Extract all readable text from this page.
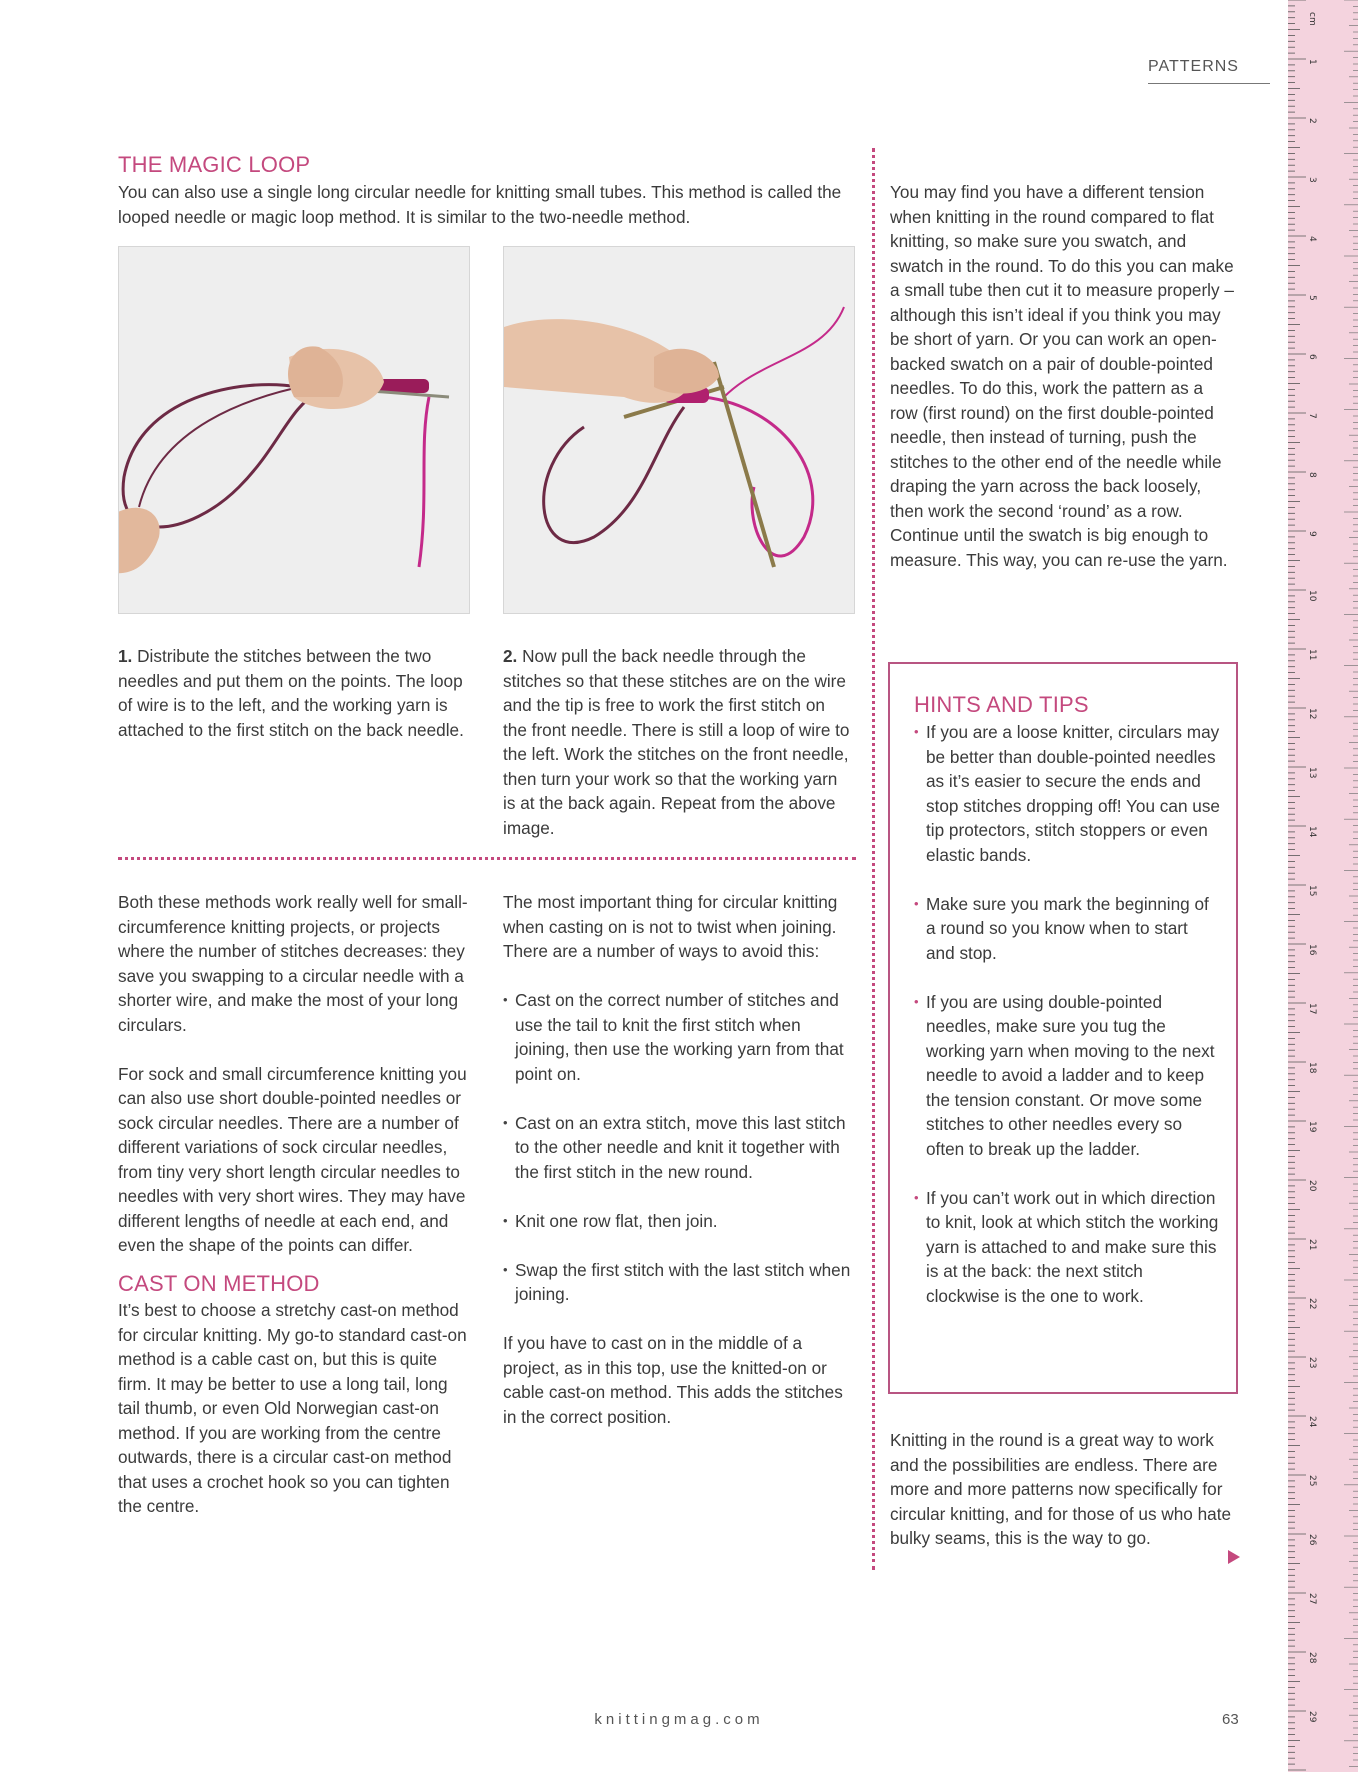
PATTERNS
THE MAGIC LOOP
You can also use a single long circular needle for knitting small tubes. This method is called the looped needle or magic loop method. It is similar to the two-needle method.
1. Distribute the stitches between the two needles and put them on the points. The loop of wire is to the left, and the working yarn is attached to the first stitch on the back needle.
2. Now pull the back needle through the stitches so that these stitches are on the wire and the tip is free to work the first stitch on the front needle. There is still a loop of wire to the left. Work the stitches on the front needle, then turn your work so that the working yarn is at the back again. Repeat from the above image.

Both these methods work really well for small-circumference knitting projects, or projects where the number of stitches decreases: they save you swapping to a circular needle with a shorter wire, and make the most of your long circulars.

For sock and small circumference knitting you can also use short double-pointed needles or sock circular needles. There are a number of different variations of sock circular needles, from tiny very short length circular needles to needles with very short wires. They may have different lengths of needle at each end, and even the shape of the points can differ.

CAST ON METHOD

It’s best to choose a stretchy cast-on method for circular knitting. My go-to standard cast-on method is a cable cast on, but this is quite firm. It may be better to use a long tail, long tail thumb, or even Old Norwegian cast-on method. If you are working from the centre outwards, there is a circular cast-on method that uses a crochet hook so you can tighten the centre.

The most important thing for circular knitting when casting on is not to twist when joining. There are a number of ways to avoid this:

• Cast on the correct number of stitches and use the tail to knit the first stitch when joining, then use the working yarn from that point on.
• Cast on an extra stitch, move this last stitch to the other needle and knit it together with the first stitch in the new round.
• Knit one row flat, then join.
• Swap the first stitch with the last stitch when joining.

If you have to cast on in the middle of a project, as in this top, use the knitted-on or cable cast-on method. This adds the stitches in the correct position.

You may find you have a different tension when knitting in the round compared to flat knitting, so make sure you swatch, and swatch in the round. To do this you can make a small tube then cut it to measure properly – although this isn’t ideal if you think you may be short of yarn. Or you can work an open-backed swatch on a pair of double-pointed needles. To do this, work the pattern as a row (first round) on the first double-pointed needle, then instead of turning, push the stitches to the other end of the needle while draping the yarn across the back loosely, then work the second ‘round’ as a row. Continue until the swatch is big enough to measure. This way, you can re-use the yarn.
HINTS AND TIPS
• If you are a loose knitter, circulars may be better than double-pointed needles as it’s easier to secure the ends and stop stitches dropping off! You can use tip protectors, stitch stoppers or even elastic bands.
• Make sure you mark the beginning of a round so you know when to start and stop.
• If you are using double-pointed needles, make sure you tug the working yarn when moving to the next needle to avoid a ladder and to keep the tension constant. Or move some stitches to other needles every so often to break up the ladder.
• If you can’t work out in which direction to knit, look at which stitch the working yarn is attached to and make sure this is at the back: the next stitch clockwise is the one to work.
Knitting in the round is a great way to work and the possibilities are endless. There are more and more patterns now specifically for circular knitting, and for those of us who hate bulky seams, this is the way to go.
1
2
3
4
5
6
7
8
9
10
11
12
13
14
15
16
17
18
19
20
21
22
23
24
25
26
27
28
29
cm
knittingmag.com	63
